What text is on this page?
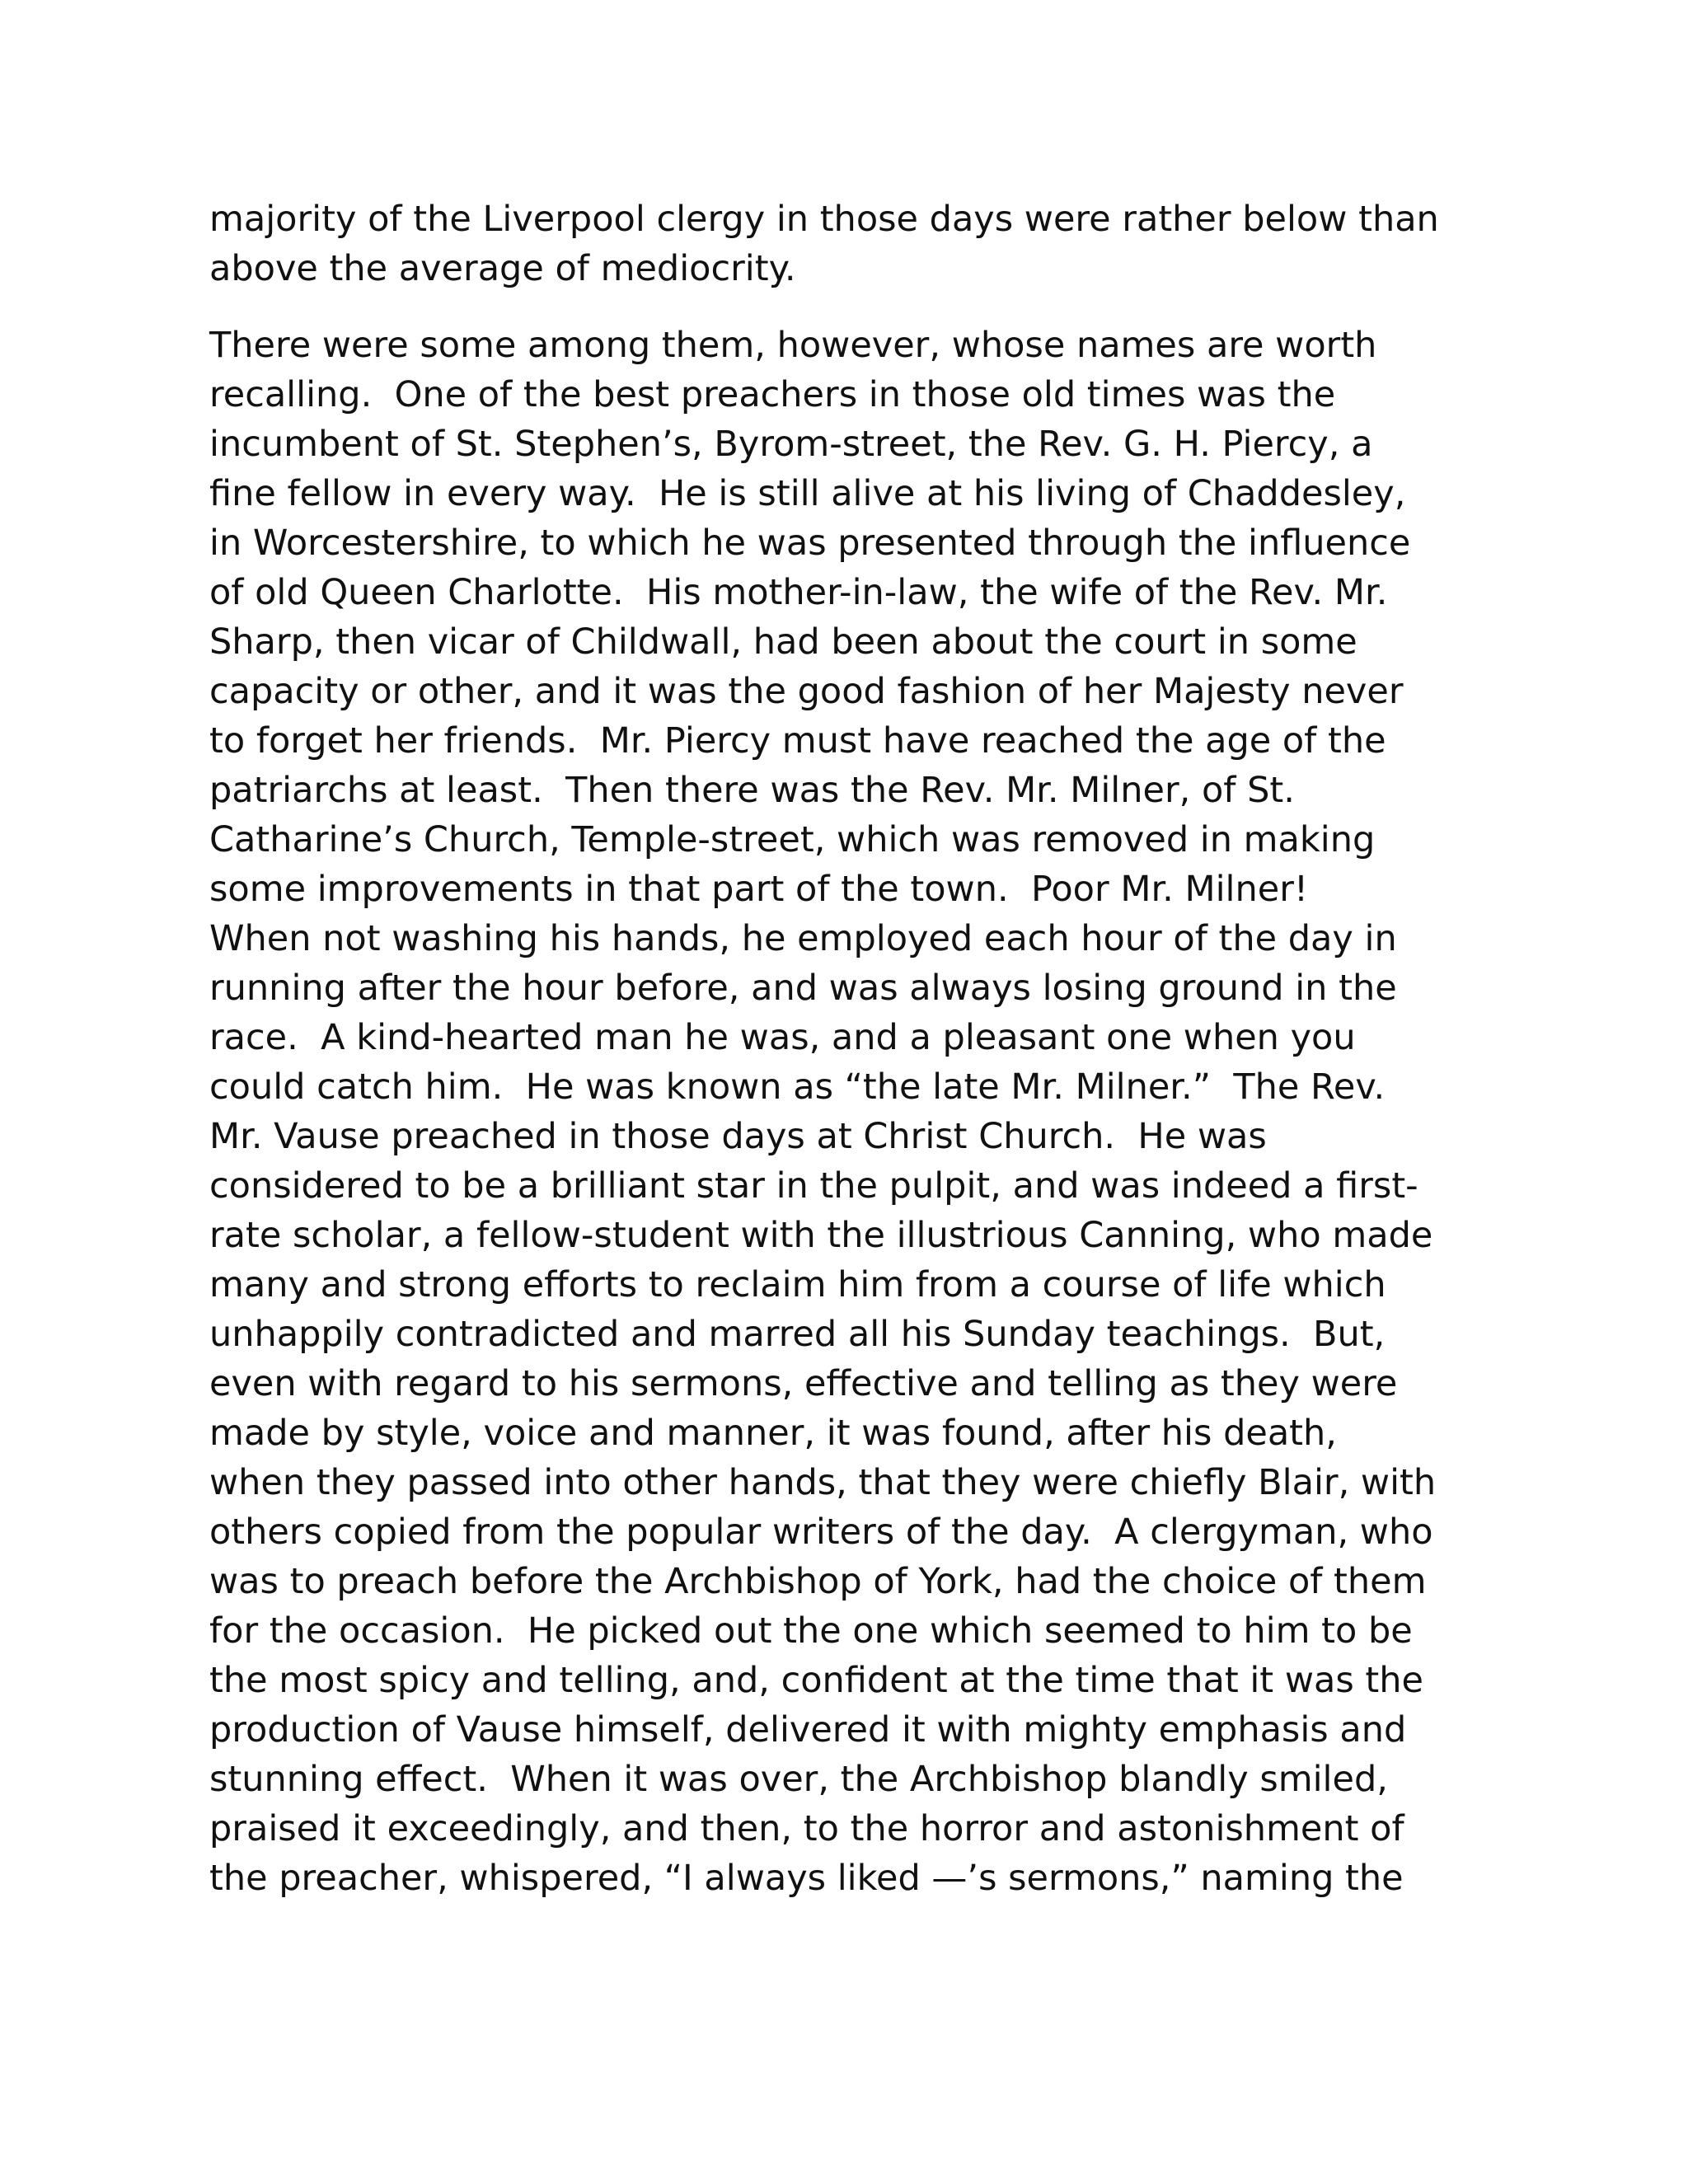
majority of the Liverpool clergy in those days were rather below than
above the average of mediocrity.

There were some among them, however, whose names are worth
recalling.  One of the best preachers in those old times was the
incumbent of St. Stephen’s, Byrom-street, the Rev. G. H. Piercy, a
fine fellow in every way.  He is still alive at his living of Chaddesley,
in Worcestershire, to which he was presented through the influence
of old Queen Charlotte.  His mother-in-law, the wife of the Rev. Mr.
Sharp, then vicar of Childwall, had been about the court in some
capacity or other, and it was the good fashion of her Majesty never
to forget her friends.  Mr. Piercy must have reached the age of the
patriarchs at least.  Then there was the Rev. Mr. Milner, of St.
Catharine’s Church, Temple-street, which was removed in making
some improvements in that part of the town.  Poor Mr. Milner!
When not washing his hands, he employed each hour of the day in
running after the hour before, and was always losing ground in the
race.  A kind-hearted man he was, and a pleasant one when you
could catch him.  He was known as “the late Mr. Milner.”  The Rev.
Mr. Vause preached in those days at Christ Church.  He was
considered to be a brilliant star in the pulpit, and was indeed a first-
rate scholar, a fellow-student with the illustrious Canning, who made
many and strong efforts to reclaim him from a course of life which
unhappily contradicted and marred all his Sunday teachings.  But,
even with regard to his sermons, effective and telling as they were
made by style, voice and manner, it was found, after his death,
when they passed into other hands, that they were chiefly Blair, with
others copied from the popular writers of the day.  A clergyman, who
was to preach before the Archbishop of York, had the choice of them
for the occasion.  He picked out the one which seemed to him to be
the most spicy and telling, and, confident at the time that it was the
production of Vause himself, delivered it with mighty emphasis and
stunning effect.  When it was over, the Archbishop blandly smiled,
praised it exceedingly, and then, to the horror and astonishment of
the preacher, whispered, “I always liked —’s sermons,” naming the
